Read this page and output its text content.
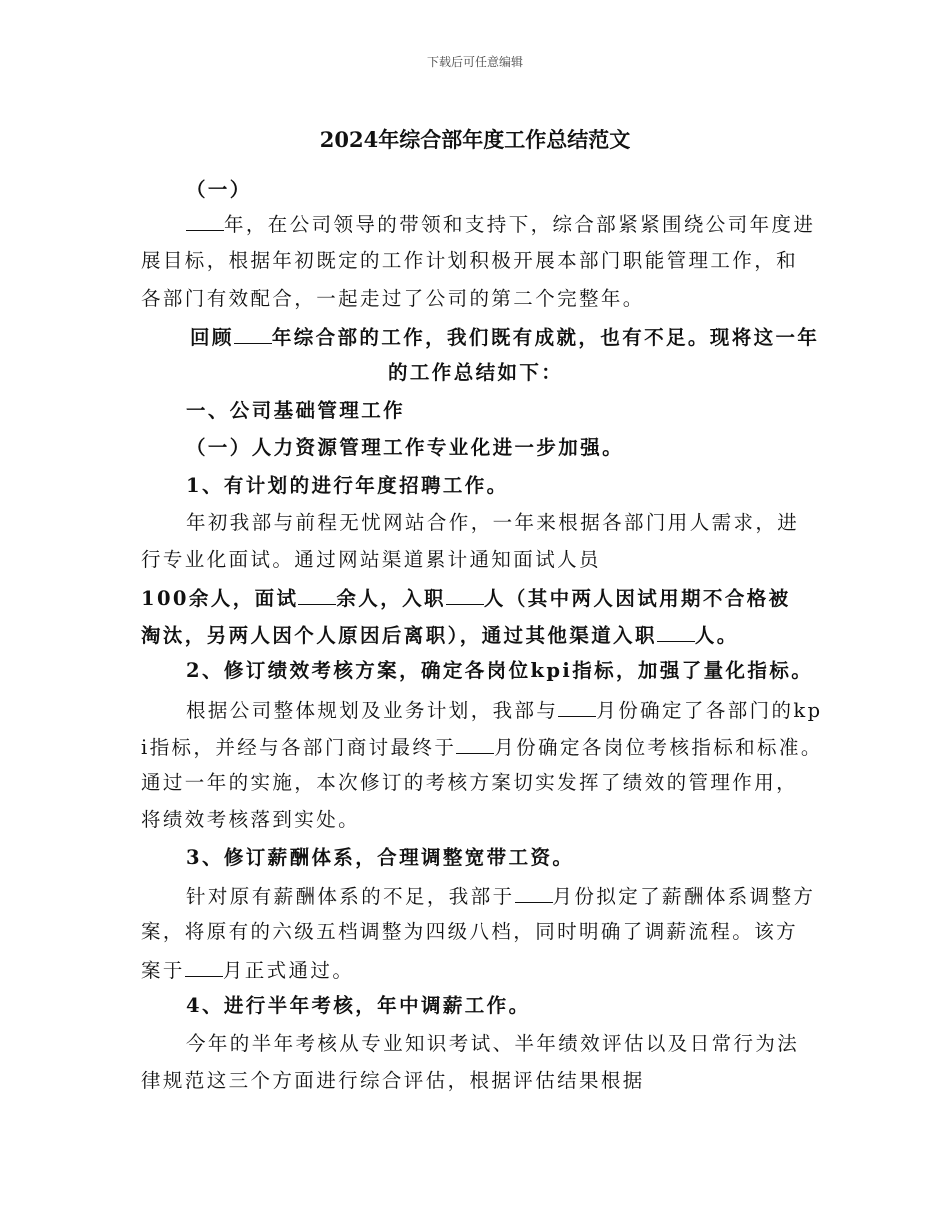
下载后可任意编辑
2024年综合部年度工作总结范文
（一）
年，在公司领导的带领和支持下，综合部紧紧围绕公司年度进
展目标，根据年初既定的工作计划积极开展本部门职能管理工作，和
各部门有效配合，一起走过了公司的第二个完整年。
回顾 年综合部的工作，我们既有成就，也有不足。现将这一年
的工作总结如下：
一、公司基础管理工作
（一）人力资源管理工作专业化进一步加强。
1、有计划的进行年度招聘工作。
年初我部与前程无忧网站合作，一年来根据各部门用人需求，进
行专业化面试。通过网站渠道累计通知面试人员
100余人，面试 余人，入职 人（其中两人因试用期不合格被
淘汰，另两人因个人原因后离职），通过其他渠道入职 人。
2、修订绩效考核方案，确定各岗位kpi指标，加强了量化指标。
根据公司整体规划及业务计划，我部与 月份确定了各部门的kp
i指标，并经与各部门商讨最终于 月份确定各岗位考核指标和标准。
通过一年的实施，本次修订的考核方案切实发挥了绩效的管理作用，
将绩效考核落到实处。
3、修订薪酬体系，合理调整宽带工资。
针对原有薪酬体系的不足，我部于 月份拟定了薪酬体系调整方
案，将原有的六级五档调整为四级八档，同时明确了调薪流程。该方
案于 月正式通过。
4、进行半年考核，年中调薪工作。
今年的半年考核从专业知识考试、半年绩效评估以及日常行为法
律规范这三个方面进行综合评估，根据评估结果根据
